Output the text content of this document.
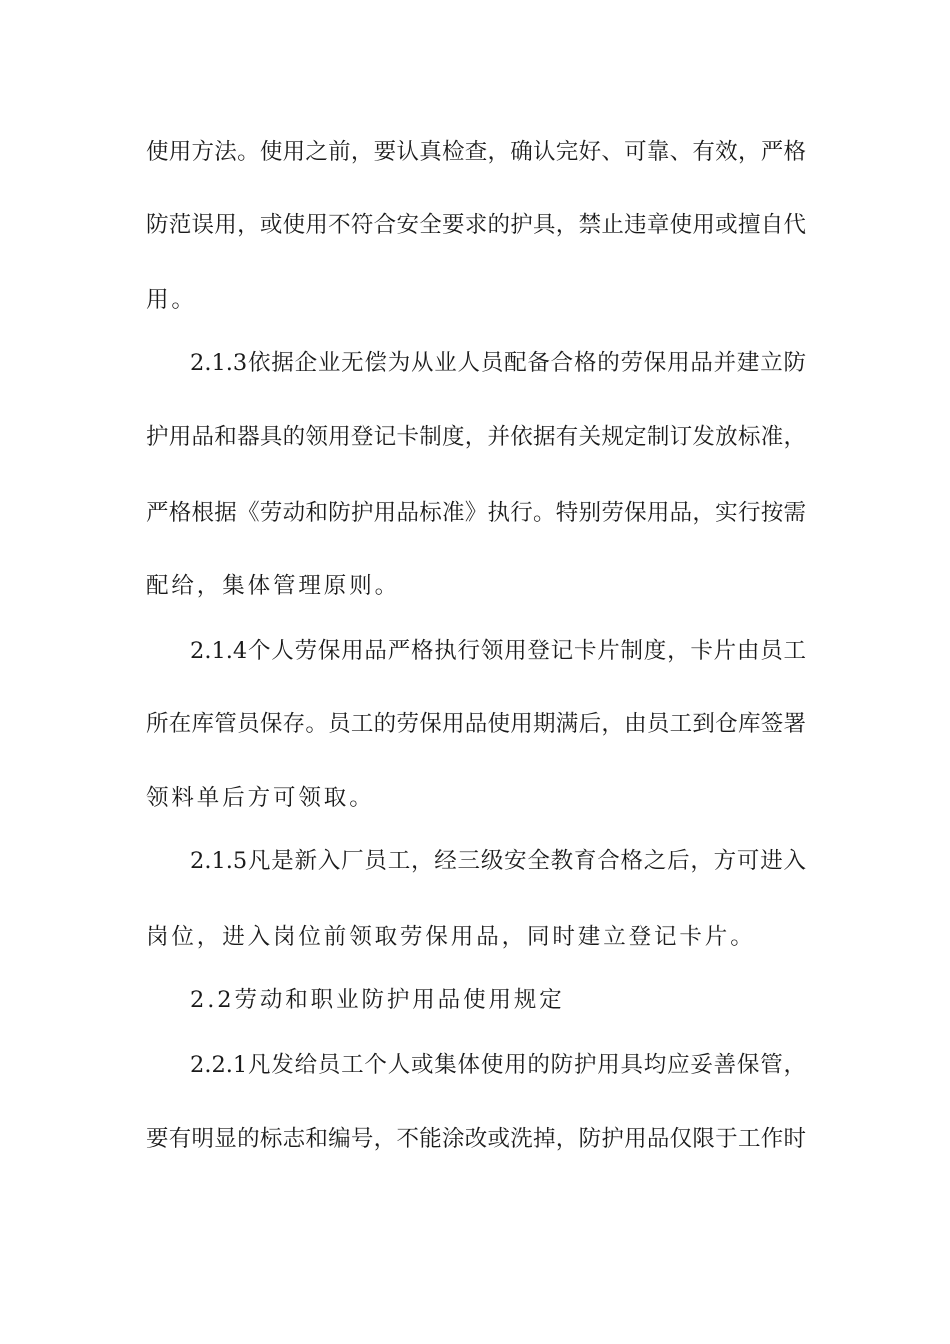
使用方法。使用之前，要认真检查，确认完好、可靠、有效，严格
防范误用，或使用不符合安全要求的护具，禁止违章使用或擅自代
用。
2.1.3依据企业无偿为从业人员配备合格的劳保用品并建立防
护用品和器具的领用登记卡制度，并依据有关规定制订发放标准，
严格根据《劳动和防护用品标准》执行。特别劳保用品，实行按需
配给，集体管理原则。
2.1.4个人劳保用品严格执行领用登记卡片制度，卡片由员工
所在库管员保存。员工的劳保用品使用期满后，由员工到仓库签署
领料单后方可领取。
2.1.5凡是新入厂员工，经三级安全教育合格之后，方可进入
岗位，进入岗位前领取劳保用品，同时建立登记卡片。
2.2劳动和职业防护用品使用规定
2.2.1凡发给员工个人或集体使用的防护用具均应妥善保管，
要有明显的标志和编号，不能涂改或洗掉，防护用品仅限于工作时
